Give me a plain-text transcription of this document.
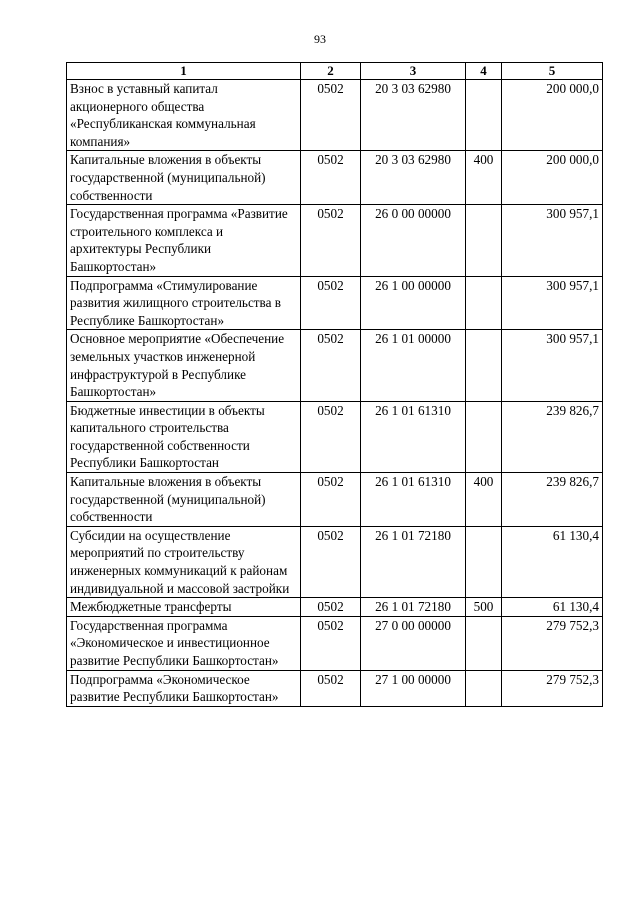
93
1	2	3	4	5
Взнос в уставный капитал акционерного общества «Республиканская коммунальная компания»	0502	20 3 03 62980		200 000,0
Капитальные вложения в объекты государственной (муниципальной) собственности	0502	20 3 03 62980	400	200 000,0
Государственная программа «Развитие строительного комплекса и архитектуры Республики Башкортостан»	0502	26 0 00 00000		300 957,1
Подпрограмма «Стимулирование развития жилищного строительства в Республике Башкортостан»	0502	26 1 00 00000		300 957,1
Основное мероприятие «Обеспечение земельных участков инженерной инфраструктурой в Республике Башкортостан»	0502	26 1 01 00000		300 957,1
Бюджетные инвестиции в объекты капитального строительства государственной собственности Республики Башкортостан	0502	26 1 01 61310		239 826,7
Капитальные вложения в объекты государственной (муниципальной) собственности	0502	26 1 01 61310	400	239 826,7
Субсидии на осуществление мероприятий по строительству инженерных коммуникаций к районам индивидуальной и массовой застройки	0502	26 1 01 72180		61 130,4
Межбюджетные трансферты	0502	26 1 01 72180	500	61 130,4
Государственная программа «Экономическое и инвестиционное развитие Республики Башкортостан»	0502	27 0 00 00000		279 752,3
Подпрограмма «Экономическое развитие Республики Башкортостан»	0502	27 1 00 00000		279 752,3
